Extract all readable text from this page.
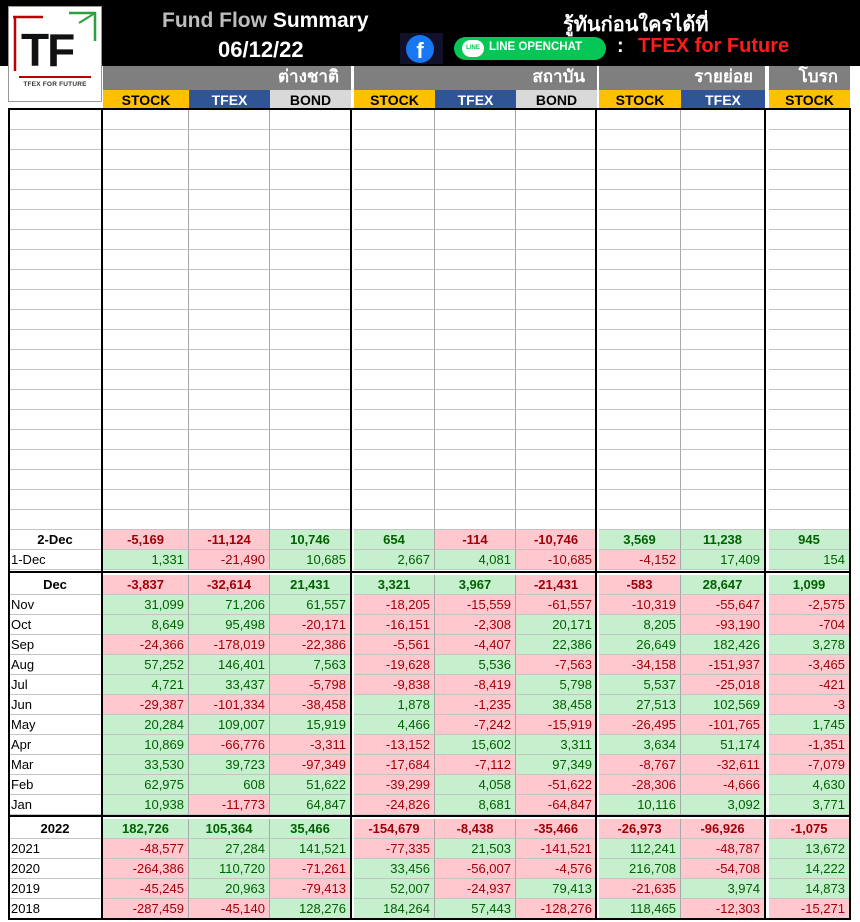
Fund Flow Summary
06/12/22
รู้ทันก่อนใครได้ที่
f	LINE LINE OPENCHAT : TFEX for Future
TF
TFEX FOR FUTURE	ต่างชาติ	สถาบัน	รายย่อย	โบรก
STOCK	TFEX	BOND	STOCK	TFEX	BOND	STOCK	TFEX	STOCK
2-Dec	-5,169	-11,124	10,746	654	-114	-10,746	3,569	11,238	945
1-Dec	1,331	-21,490	10,685	2,667	4,081	-10,685	-4,152	17,409	154
Dec	-3,837	-32,614	21,431	3,321	3,967	-21,431	-583	28,647	1,099
Nov	31,099	71,206	61,557	-18,205	-15,559	-61,557	-10,319	-55,647	-2,575
Oct	8,649	95,498	-20,171	-16,151	-2,308	20,171	8,205	-93,190	-704
Sep	-24,366	-178,019	-22,386	-5,561	-4,407	22,386	26,649	182,426	3,278
Aug	57,252	146,401	7,563	-19,628	5,536	-7,563	-34,158	-151,937	-3,465
Jul	4,721	33,437	-5,798	-9,838	-8,419	5,798	5,537	-25,018	-421
Jun	-29,387	-101,334	-38,458	1,878	-1,235	38,458	27,513	102,569	-3
May	20,284	109,007	15,919	4,466	-7,242	-15,919	-26,495	-101,765	1,745
Apr	10,869	-66,776	-3,311	-13,152	15,602	3,311	3,634	51,174	-1,351
Mar	33,530	39,723	-97,349	-17,684	-7,112	97,349	-8,767	-32,611	-7,079
Feb	62,975	608	51,622	-39,299	4,058	-51,622	-28,306	-4,666	4,630
Jan	10,938	-11,773	64,847	-24,826	8,681	-64,847	10,116	3,092	3,771
2022	182,726	105,364	35,466	-154,679	-8,438	-35,466	-26,973	-96,926	-1,075
2021	-48,577	27,284	141,521	-77,335	21,503	-141,521	112,241	-48,787	13,672
2020	-264,386	110,720	-71,261	33,456	-56,007	-4,576	216,708	-54,708	14,222
2019	-45,245	20,963	-79,413	52,007	-24,937	79,413	-21,635	3,974	14,873
2018	-287,459	-45,140	128,276	184,264	57,443	-128,276	118,465	-12,303	-15,271
